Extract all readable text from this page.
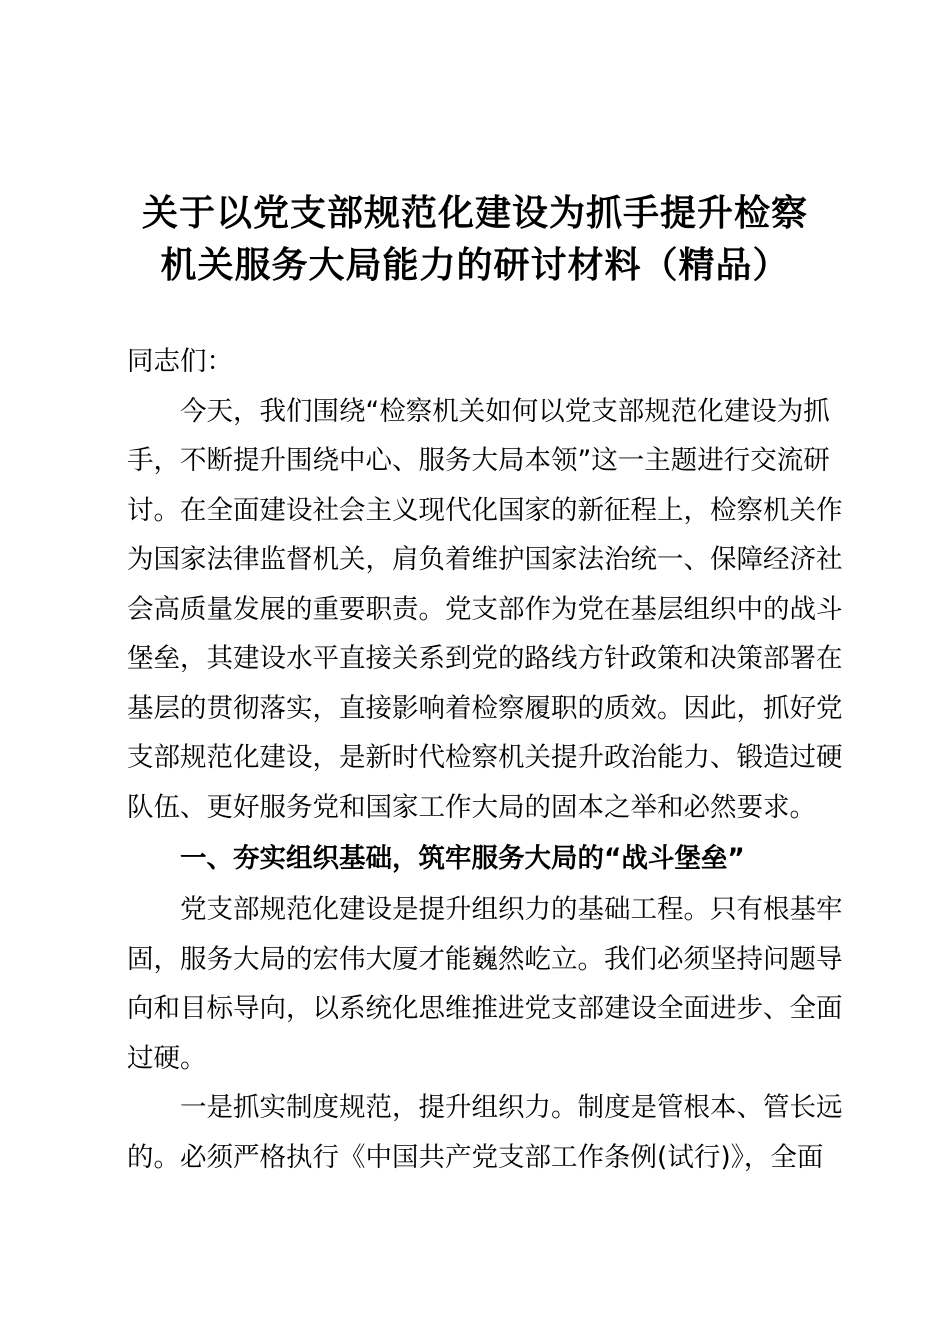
关于以党支部规范化建设为抓手提升检察
机关服务大局能力的研讨材料（精品）
同志们：
今天，我们围绕“检察机关如何以党支部规范化建设为抓
手，不断提升围绕中心、服务大局本领”这一主题进行交流研
讨。在全面建设社会主义现代化国家的新征程上，检察机关作
为国家法律监督机关，肩负着维护国家法治统一、保障经济社
会高质量发展的重要职责。党支部作为党在基层组织中的战斗
堡垒，其建设水平直接关系到党的路线方针政策和决策部署在
基层的贯彻落实，直接影响着检察履职的质效。因此，抓好党
支部规范化建设，是新时代检察机关提升政治能力、锻造过硬
队伍、更好服务党和国家工作大局的固本之举和必然要求。
一、夯实组织基础，筑牢服务大局的“战斗堡垒”
党支部规范化建设是提升组织力的基础工程。只有根基牢
固，服务大局的宏伟大厦才能巍然屹立。我们必须坚持问题导
向和目标导向，以系统化思维推进党支部建设全面进步、全面
过硬。
一是抓实制度规范，提升组织力。制度是管根本、管长远
的。必须严格执行《中国共产党支部工作条例(试行)》，全面
